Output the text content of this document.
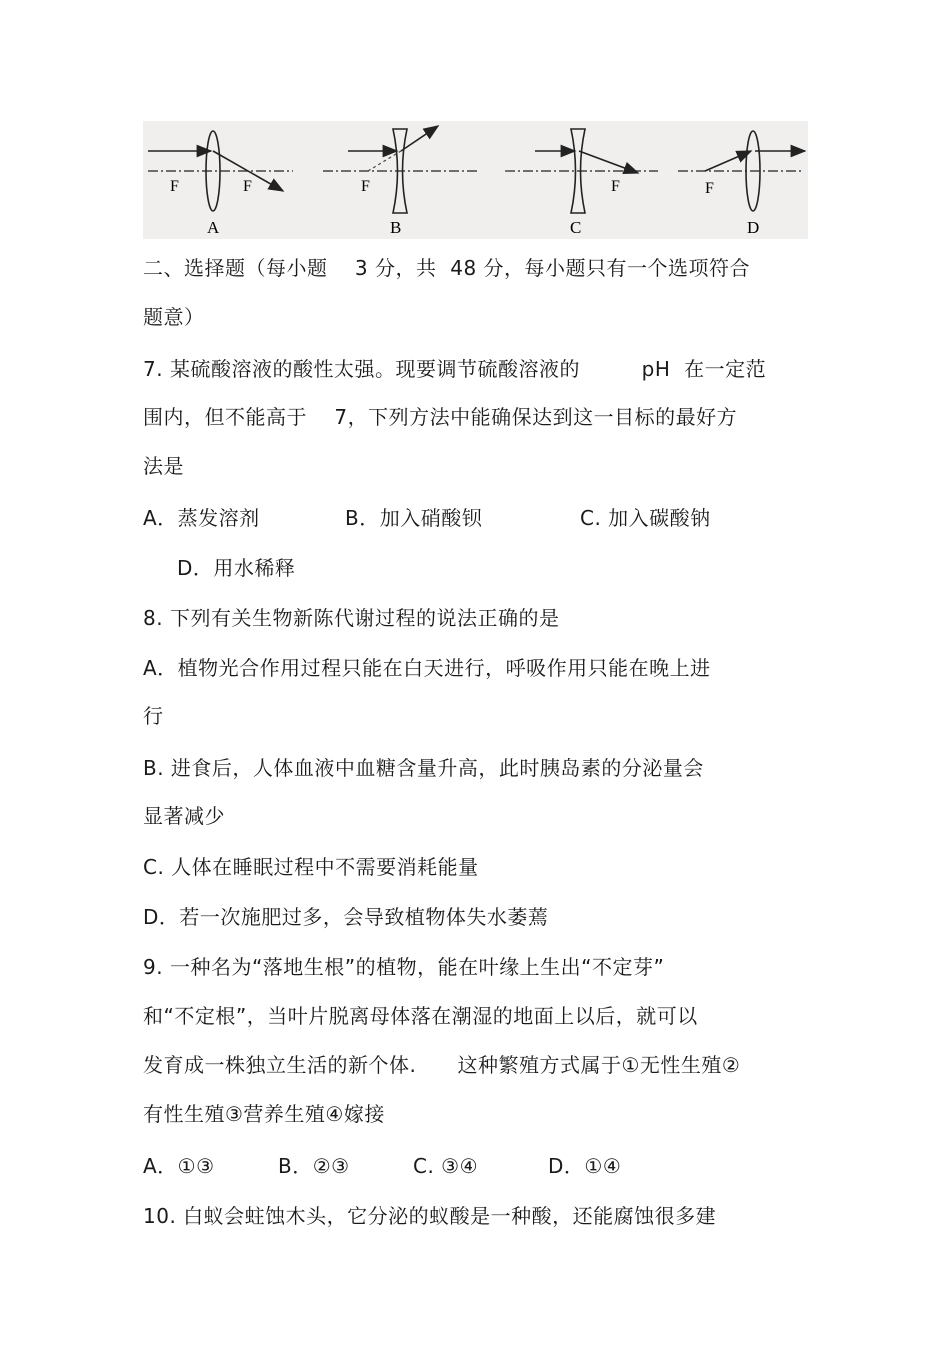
F	F
A
F
B
F
C
F
D
二、选择题（每小题    3 分，共  48 分，每小题只有一个选项符合
题意）
7. 某硫酸溶液的酸性太强。现要调节硫酸溶液的         pH  在一定范
围内，但不能高于    7，下列方法中能确保达到这一目标的最好方
法是
A．蒸发溶剂	B．加入硝酸钡	C. 加入碳酸钠
D．用水稀释
8. 下列有关生物新陈代谢过程的说法正确的是
A．植物光合作用过程只能在白天进行，呼吸作用只能在晚上进
行
B. 进食后，人体血液中血糖含量升高，此时胰岛素的分泌量会
显著减少
C. 人体在睡眠过程中不需要消耗能量
D．若一次施肥过多，会导致植物体失水萎蔫
9. 一种名为“落地生根”的植物，能在叶缘上生出“不定芽”
和“不定根”，当叶片脱离母体落在潮湿的地面上以后，就可以
发育成一株独立生活的新个体.      这种繁殖方式属于①无性生殖②
有性生殖③营养生殖④嫁接
A．①③	B．②③	C. ③④	D．①④
10. 白蚁会蛀蚀木头，它分泌的蚁酸是一种酸，还能腐蚀很多建
